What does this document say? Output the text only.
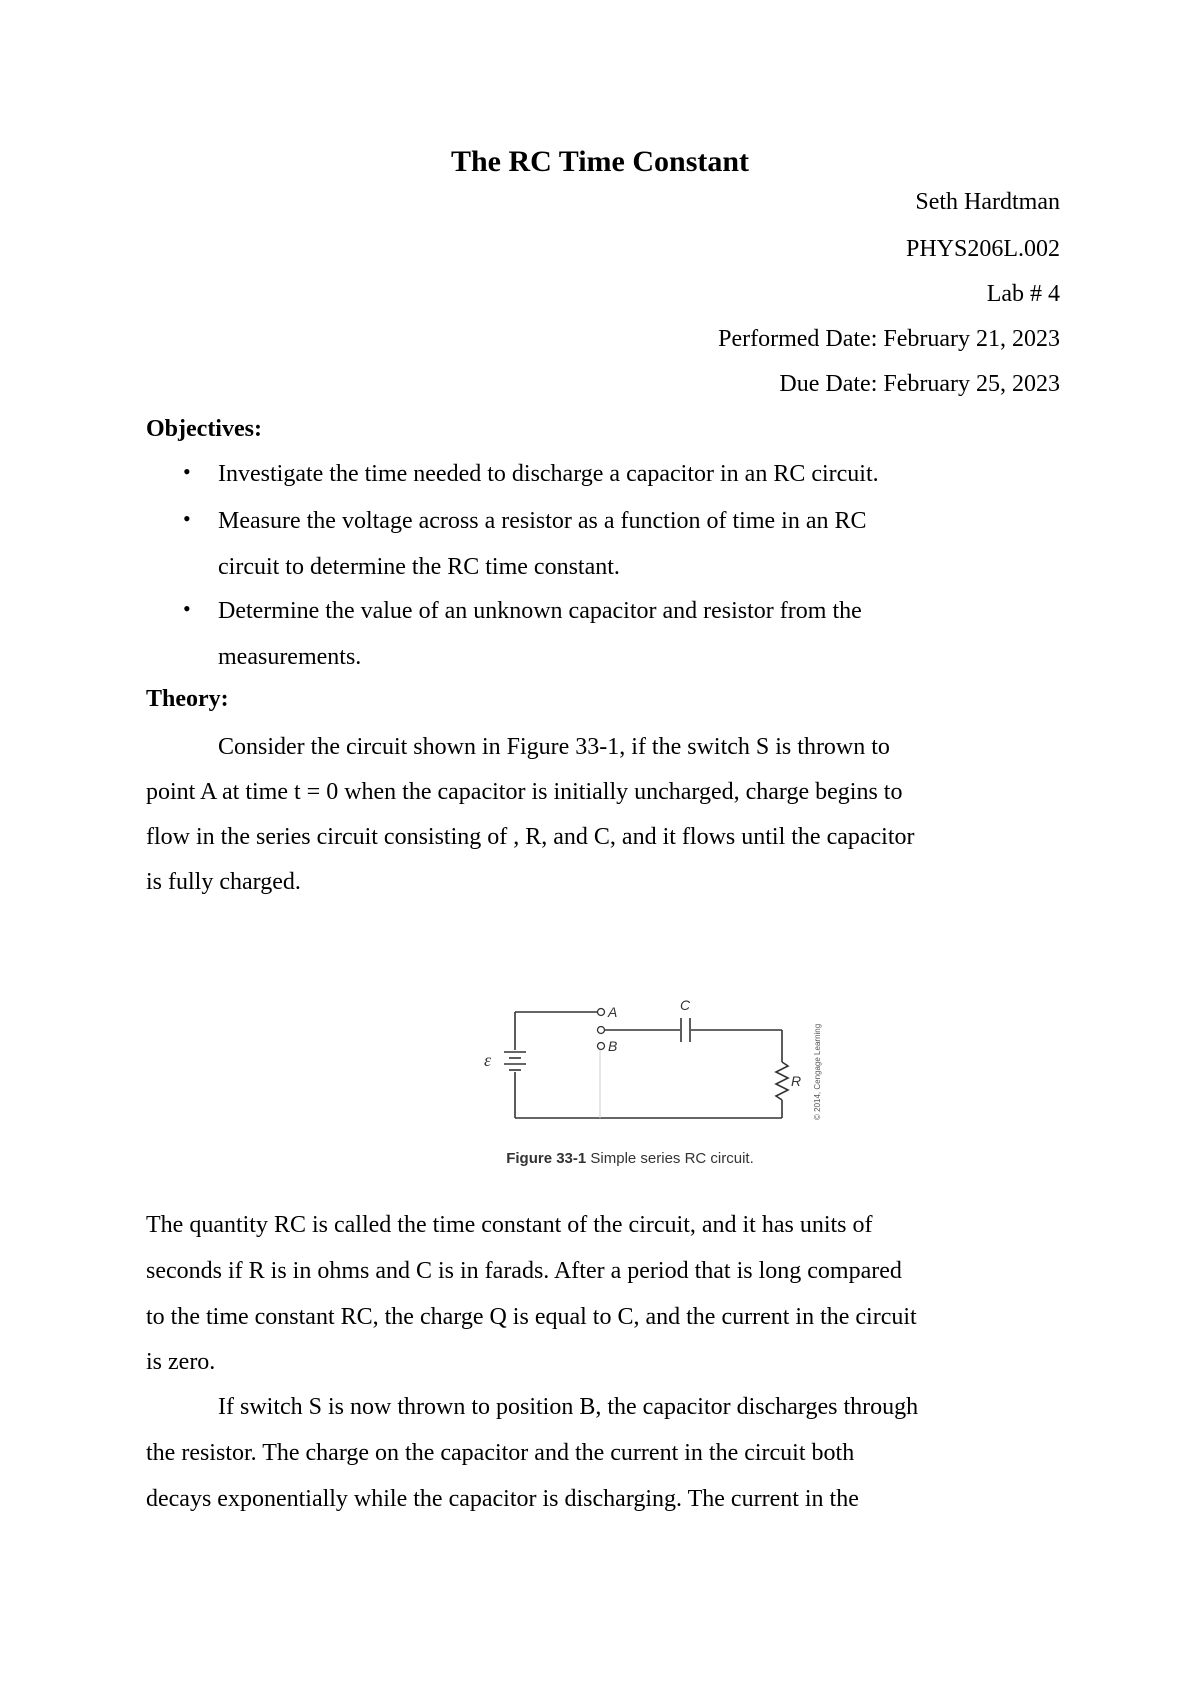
The RC Time Constant
Seth Hardtman
PHYS206L.002
Lab # 4
Performed Date: February 21, 2023
Due Date: February 25, 2023
Objectives:
• Investigate the time needed to discharge a capacitor in an RC circuit.
• Measure the voltage across a resistor as a function of time in an RC
circuit to determine the RC time constant.
• Determine the value of an unknown capacitor and resistor from the
measurements.
Theory:
Consider the circuit shown in Figure 33-1, if the switch S is thrown to
point A at time t = 0 when the capacitor is initially uncharged, charge begins to
flow in the series circuit consisting of , R, and C, and it flows until the capacitor
is fully charged.
A
B
C
R
ε	© 2014, Cengage Learning
Figure 33-1 Simple series RC circuit.
The quantity RC is called the time constant of the circuit, and it has units of
seconds if R is in ohms and C is in farads. After a period that is long compared
to the time constant RC, the charge Q is equal to C, and the current in the circuit
is zero.
If switch S is now thrown to position B, the capacitor discharges through
the resistor. The charge on the capacitor and the current in the circuit both
decays exponentially while the capacitor is discharging. The current in the
